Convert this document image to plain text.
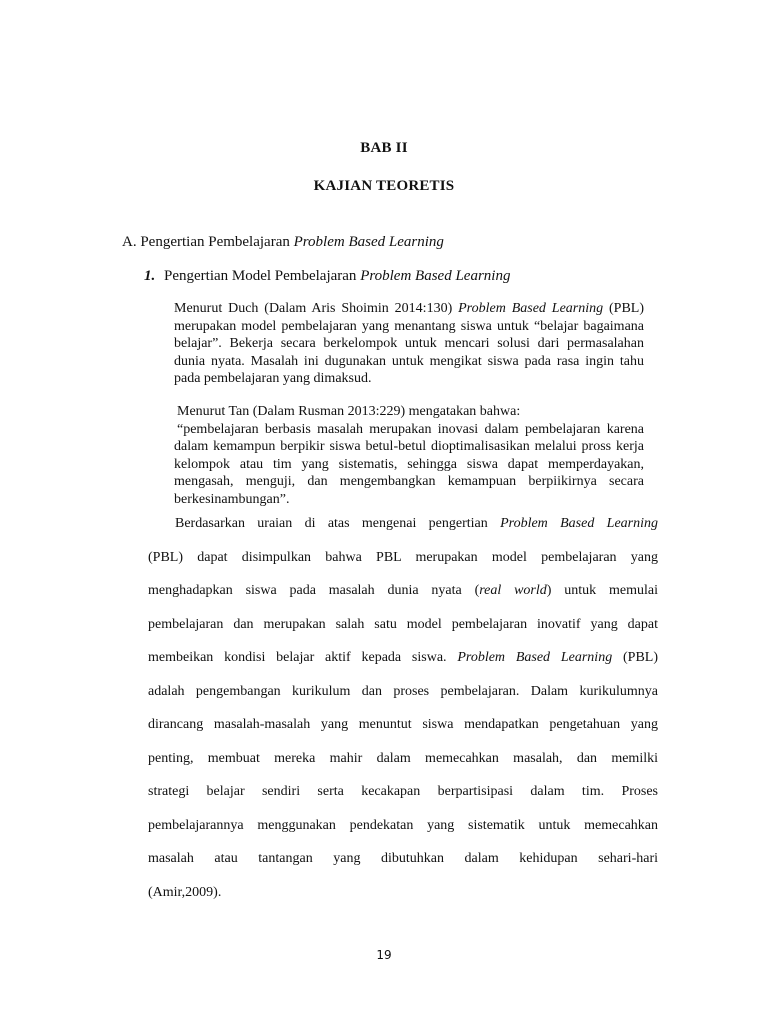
BAB II
KAJIAN TEORETIS
A. Pengertian Pembelajaran Problem Based Learning
1. Pengertian Model Pembelajaran Problem Based Learning

Menurut Duch (Dalam Aris Shoimin 2014:130) Problem Based Learning (PBL) merupakan model pembelajaran yang menantang siswa untuk “belajar bagaimana belajar”. Bekerja secara berkelompok untuk mencari solusi dari permasalahan dunia nyata. Masalah ini dugunakan untuk mengikat siswa pada rasa ingin tahu pada pembelajaran yang dimaksud.

Menurut Tan (Dalam Rusman 2013:229) mengatakan bahwa:

“pembelajaran berbasis masalah merupakan inovasi dalam pembelajaran karena dalam kemampun berpikir siswa betul-betul dioptimalisasikan melalui pross kerja kelompok atau tim yang sistematis, sehingga siswa dapat memperdayakan, mengasah, menguji, dan mengembangkan kemampuan berpiikirnya secara berkesinambungan”.

Berdasarkan uraian di atas mengenai pengertian Problem Based Learning
(PBL) dapat disimpulkan bahwa PBL merupakan model pembelajaran yang
menghadapkan siswa pada masalah dunia nyata (real world) untuk memulai
pembelajaran dan merupakan salah satu model pembelajaran inovatif yang dapat
membeikan kondisi belajar aktif kepada siswa. Problem Based Learning (PBL)
adalah pengembangan kurikulum dan proses pembelajaran. Dalam kurikulumnya
dirancang masalah-masalah yang menuntut siswa mendapatkan pengetahuan yang
penting, membuat mereka mahir dalam memecahkan masalah, dan memilki
strategi belajar sendiri serta kecakapan berpartisipasi dalam tim. Proses
pembelajarannya menggunakan pendekatan yang sistematik untuk memecahkan
masalah atau tantangan yang dibutuhkan dalam kehidupan sehari-hari
(Amir,2009).
19
